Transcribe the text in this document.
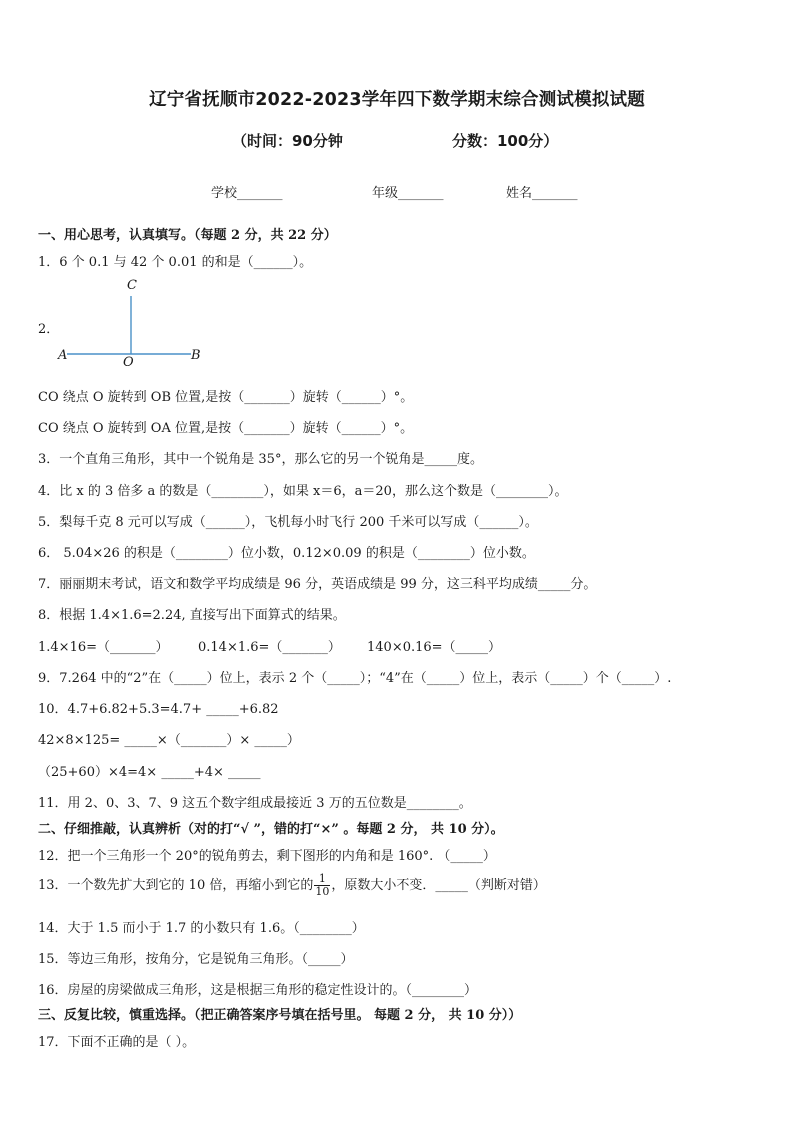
辽宁省抚顺市2022-2023学年四下数学期末综合测试模拟试题
（时间：90分钟	分数：100分）
学校_______	年级_______	姓名_______
一、用心思考，认真填写。（每题 2 分，共 22 分）
1．6 个 0.1 与 42 个 0.01 的和是（______）。
2．
C
A	O	B
CO 绕点 O 旋转到 OB 位置,是按（_______）旋转（______）°。
CO 绕点 O 旋转到 OA 位置,是按（_______）旋转（______）°。
3．一个直角三角形，其中一个锐角是 35°，那么它的另一个锐角是_____度。
4．比 x 的 3 倍多 a 的数是（________），如果 x＝6，a＝20，那么这个数是（________）。
5．梨每千克 8 元可以写成（______），飞机每小时飞行 200 千米可以写成（______）。
6． 5.04×26 的积是（________）位小数，0.12×0.09 的积是（________）位小数。
7．丽丽期末考试，语文和数学平均成绩是 96 分，英语成绩是 99 分，这三科平均成绩_____分。
8．根据 1.4×1.6=2.24, 直接写出下面算式的结果。
1.4×16=（_______） 0.14×1.6=（_______） 140×0.16=（_____）
9．7.264 中的“2”在（_____）位上，表示 2 个（_____）；“4”在（_____）位上，表示（_____）个（_____）.
10．4.7+6.82+5.3=4.7+ _____+6.82
42×8×125= _____×（_______）× _____）
（25+60）×4=4× _____+4× _____
11．用 2、0、3、7、9 这五个数字组成最接近 3 万的五位数是________。
二、仔细推敲，认真辨析（对的打“√ ”，错的打“×” 。每题 2 分， 共 10 分）。
12．把一个三角形一个 20°的锐角剪去，剩下图形的内角和是 160°. （_____）
13．一个数先扩大到它的 10 倍，再缩小到它的 $\frac{1}{10}$ ，原数大小不变．_____（判断对错）
14．大于 1.5 而小于 1.7 的小数只有 1.6。（________）
15．等边三角形，按角分，它是锐角三角形。（_____）
16．房屋的房梁做成三角形，这是根据三角形的稳定性设计的。（________）
三、反复比较，慎重选择。（把正确答案序号填在括号里。 每题 2 分， 共 10 分））
17．下面不正确的是（ ）。
